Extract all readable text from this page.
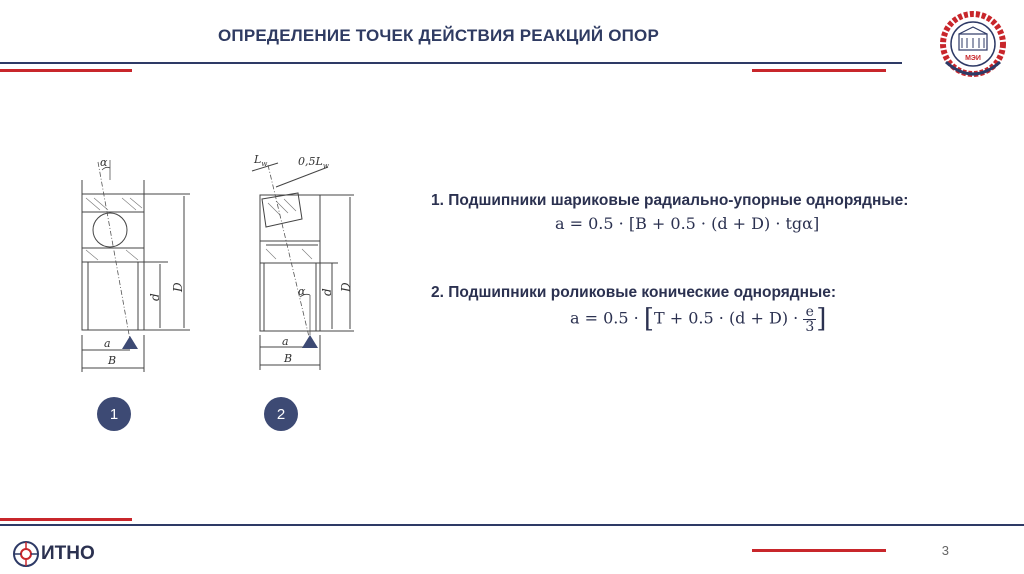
ОПРЕДЕЛЕНИЕ ТОЧЕК ДЕЙСТВИЯ РЕАКЦИЙ ОПОР
МЭИ
α
a
B
d
D
$L_w$	$0,5L_w$
α
a
B
d
D
1	2
1. Подшипники шариковые радиально-упорные однорядные:
a = 0.5 · [B + 0.5 · (d + D) · tgα]
2. Подшипники роликовые конические однорядные:
$a = 0.5 \cdot [T + 0.5 \cdot (d + D) \cdot \frac{e}{3}$ ]
ИТНО	3
